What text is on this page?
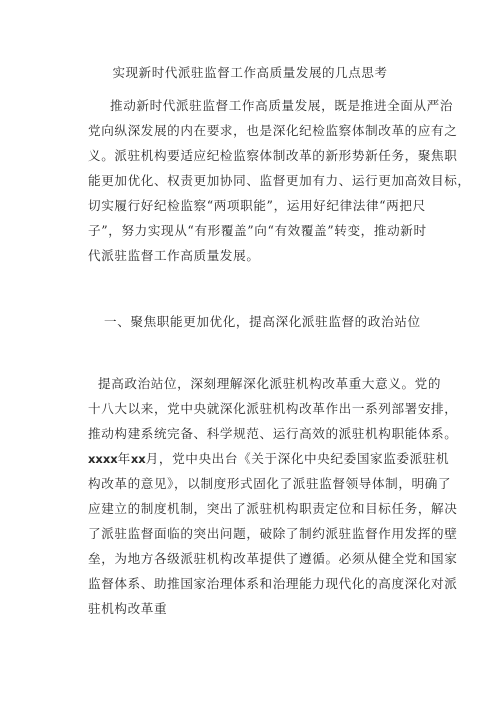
实现新时代派驻监督工作高质量发展的几点思考

推动新时代派驻监督工作高质量发展，既是推进全面从严治
党向纵深发展的内在要求，也是深化纪检监察体制改革的应有之
义。派驻机构要适应纪检监察体制改革的新形势新任务，聚焦职
能更加优化、权责更加协同、监督更加有力、运行更加高效目标，
切实履行好纪检监察“两项职能”，运用好纪律法律“两把尺
子”，努力实现从“有形覆盖”向“有效覆盖”转变，推动新时
代派驻监督工作高质量发展。

一、聚焦职能更加优化，提高深化派驻监督的政治站位

提高政治站位，深刻理解深化派驻机构改革重大意义。党的
十八大以来，党中央就深化派驻机构改革作出一系列部署安排，
推动构建系统完备、科学规范、运行高效的派驻机构职能体系。
xxxx年xx月，党中央出台《关于深化中央纪委国家监委派驻机
构改革的意见》，以制度形式固化了派驻监督领导体制，明确了
应建立的制度机制，突出了派驻机构职责定位和目标任务，解决
了派驻监督面临的突出问题，破除了制约派驻监督作用发挥的壁
垒，为地方各级派驻机构改革提供了遵循。必须从健全党和国家
监督体系、助推国家治理体系和治理能力现代化的高度深化对派
驻机构改革重
